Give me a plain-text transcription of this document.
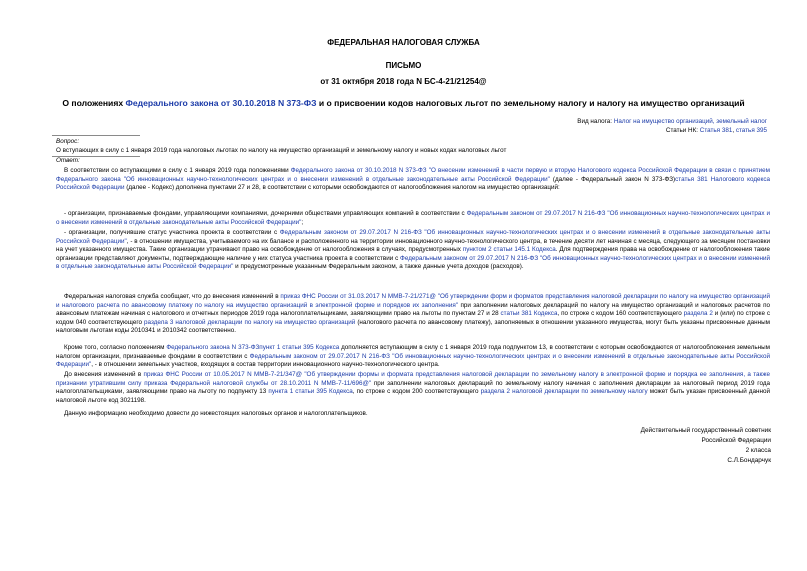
ФЕДЕРАЛЬНАЯ НАЛОГОВАЯ СЛУЖБА
ПИСЬМО
от 31 октября 2018 года N БС-4-21/21254@
О положениях Федерального закона от 30.10.2018 N 373-ФЗ и о присвоении кодов налоговых льгот по земельному налогу и налогу на имущество организаций
Вид налога: Налог на имущество организаций, земельный налог
Статьи НК: Статья 381, статья 395
Вопрос:
О вступающих в силу с 1 января 2019 года налоговых льготах по налогу на имущество организаций и земельному налогу и новых кодах налоговых льгот
Ответ:
В соответствии со вступающими в силу с 1 января 2019 года положениями Федерального закона от 30.10.2018 N 373-ФЗ "О внесении изменений в части первую и вторую Налогового кодекса Российской Федерации в связи с принятием Федерального закона "Об инновационных научно-технологических центрах и о внесении изменений в отдельные законодательные акты Российской Федерации" (далее - Федеральный закон N 373-ФЗ)статья 381 Налогового кодекса Российской Федерации (далее - Кодекс) дополнена пунктами 27 и 28, в соответствии с которыми освобождаются от налогообложения налогом на имущество организаций:
- организации, признаваемые фондами, управляющими компаниями, дочерними обществами управляющих компаний в соответствии с Федеральным законом от 29.07.2017 N 216-ФЗ "Об инновационных научно-технологических центрах и о внесении изменений в отдельные законодательные акты Российской Федерации";
- организации, получившие статус участника проекта в соответствии с Федеральным законом от 29.07.2017 N 216-ФЗ "Об инновационных научно-технологических центрах и о внесении изменений в отдельные законодательные акты Российской Федерации", - в отношении имущества, учитываемого на их балансе и расположенного на территории инновационного научно-технологического центра, в течение десяти лет начиная с месяца, следующего за месяцем постановки на учет указанного имущества. Такие организации утрачивают право на освобождение от налогообложения в случаях, предусмотренных пунктом 2 статьи 145.1 Кодекса. Для подтверждения права на освобождение от налогообложения такие организации представляют документы, подтверждающие наличие у них статуса участника проекта в соответствии с Федеральным законом от 29.07.2017 N 216-ФЗ "Об инновационных научно-технологических центрах и о внесении изменений в отдельные законодательные акты Российской Федерации" и предусмотренные указанным Федеральным законом, а также данные учета доходов (расходов).
Федеральная налоговая служба сообщает, что до внесения изменений в приказ ФНС России от 31.03.2017 N ММВ-7-21/271@ "Об утверждении форм и форматов представления налоговой декларации по налогу на имущество организаций и налогового расчета по авансовому платежу по налогу на имущество организаций в электронной форме и порядков их заполнения" при заполнении налоговых деклараций по налогу на имущество организаций и налоговых расчетов по авансовым платежам начиная с налогового и отчетных периодов 2019 года налогоплательщиками, заявляющими право на льготы по пунктам 27 и 28 статьи 381 Кодекса, по строке с кодом 160 соответствующего раздела 2 и (или) по строке с кодом 040 соответствующего раздела 3 налоговой декларации по налогу на имущество организаций (налогового расчета по авансовому платежу), заполняемых в отношении указанного имущества, могут быть указаны присвоенные данным налоговым льготам коды 2010341 и 2010342 соответственно.
Кроме того, согласно положениям Федерального закона N 373-ФЗпункт 1 статьи 395 Кодекса дополняется вступающим в силу с 1 января 2019 года подпунктом 13, в соответствии с которым освобождаются от налогообложения земельным налогом организации, признаваемые фондами в соответствии с Федеральным законом от 29.07.2017 N 216-ФЗ "Об инновационных научно-технологических центрах и о внесении изменений в отдельные законодательные акты Российской Федерации", - в отношении земельных участков, входящих в состав территории инновационного научно-технологического центра.
До внесения изменений в приказ ФНС России от 10.05.2017 N ММВ-7-21/347@ "Об утверждении формы и формата представления налоговой декларации по земельному налогу в электронной форме и порядка ее заполнения, а также признании утратившим силу приказа Федеральной налоговой службы от 28.10.2011 N ММВ-7-11/696@" при заполнении налоговых деклараций по земельному налогу начиная с заполнения декларации за налоговый период 2019 года налогоплательщиками, заявляющими право на льготу по подпункту 13 пункта 1 статьи 395 Кодекса, по строке с кодом 200 соответствующего раздела 2 налоговой декларации по земельному налогу может быть указан присвоенный данной налоговой льготе код 3021198.
Данную информацию необходимо довести до нижестоящих налоговых органов и налогоплательщиков.
Действительный государственный советник
Российской Федерации
2 класса
С.Л.Бондарчук
